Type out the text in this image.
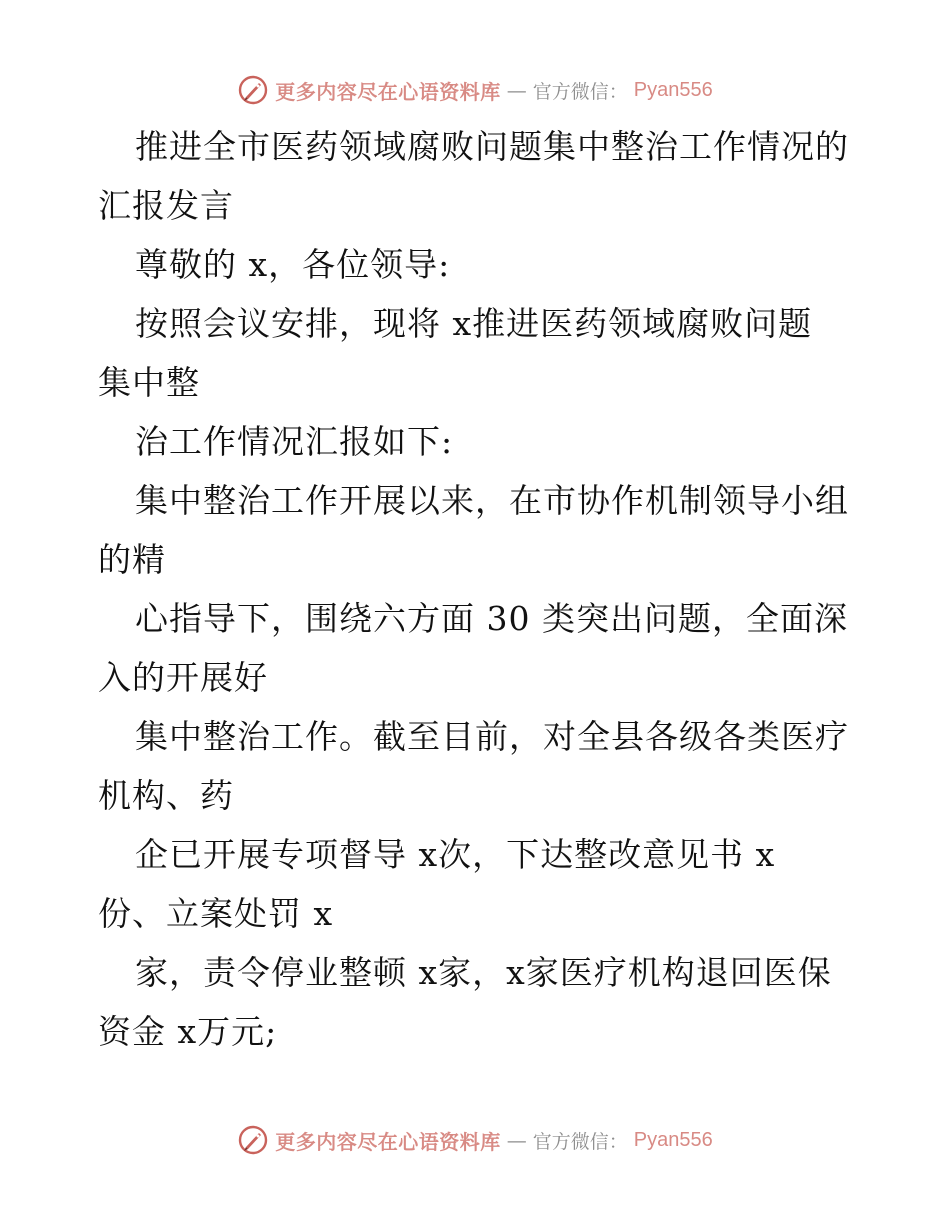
更多内容尽在心语资料库 — 官方微信： Pyan556
推进全市医药领域腐败问题集中整治工作情况的
汇报发言
尊敬的 x，各位领导:
按照会议安排，现将 x推进医药领域腐败问题
集中整
治工作情况汇报如下:
集中整治工作开展以来，在市协作机制领导小组
的精
心指导下，围绕六方面 30 类突出问题，全面深
入的开展好
集中整治工作。截至目前，对全县各级各类医疗
机构、药
企已开展专项督导 x次，下达整改意见书 x
份、立案处罚 x
家，责令停业整顿 x家，x家医疗机构退回医保
资金 x万元;
更多内容尽在心语资料库 — 官方微信： Pyan556
